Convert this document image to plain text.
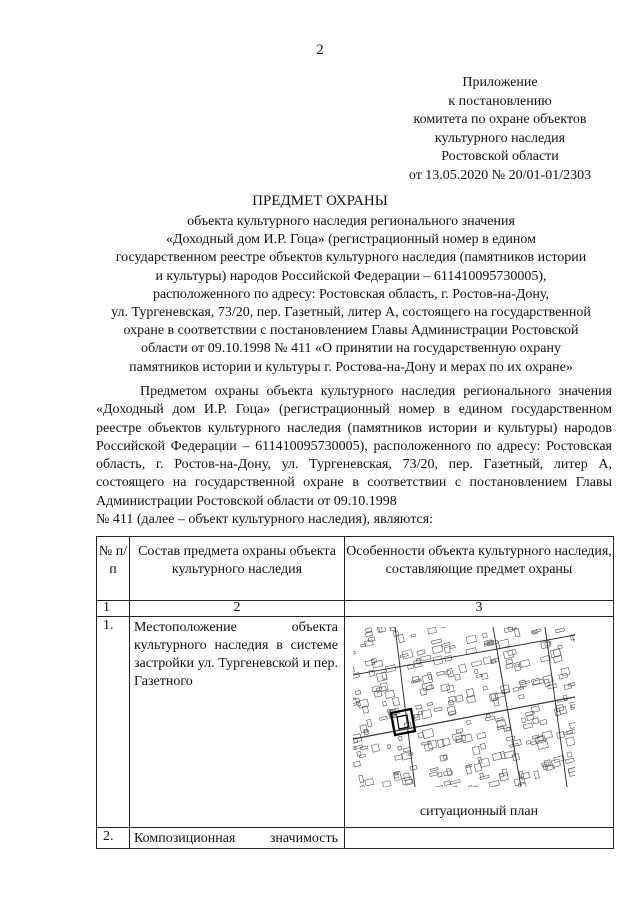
2
Приложение
к постановлению
комитета по охране объектов
культурного наследия
Ростовской области
от 13.05.2020 № 20/01-01/2303
ПРЕДМЕТ ОХРАНЫ
объекта культурного наследия регионального значения
«Доходный дом И.Р. Гоца» (регистрационный номер в едином
государственном реестре объектов культурного наследия (памятников истории
и культуры) народов Российской Федерации – 611410095730005),
расположенного по адресу: Ростовская область, г. Ростов-на-Дону,
ул. Тургеневская, 73/20, пер. Газетный, литер А, состоящего на государственной
охране в соответствии с постановлением Главы Администрации Ростовской
области от 09.10.1998 № 411 «О принятии на государственную охрану
памятников истории и культуры г. Ростова-на-Дону и мерах по их охране»
Предметом охраны объекта культурного наследия регионального значения
«Доходный дом И.Р. Гоца» (регистрационный номер в едином государственном реестре объектов культурного наследия (памятников истории и культуры) народов Российской Федерации – 611410095730005), расположенного по адресу: Ростовская область, г. Ростов-на-Дону, ул. Тургеневская, 73/20, пер. Газетный, литер А, состоящего на государственной охране в соответствии с постановлением Главы Администрации Ростовской области от 09.10.1998
№ 411 (далее – объект культурного наследия), являются:
№ п/п	Состав предмета охраны объекта культурного наследия	Особенности объекта культурного наследия, составляющие предмет охраны
1	2	3
1.	Местоположение объекта культурного наследия в системе застройки ул. Тургеневской и пер. Газетного	ситуационный план

2.	Композиционная значимость	
